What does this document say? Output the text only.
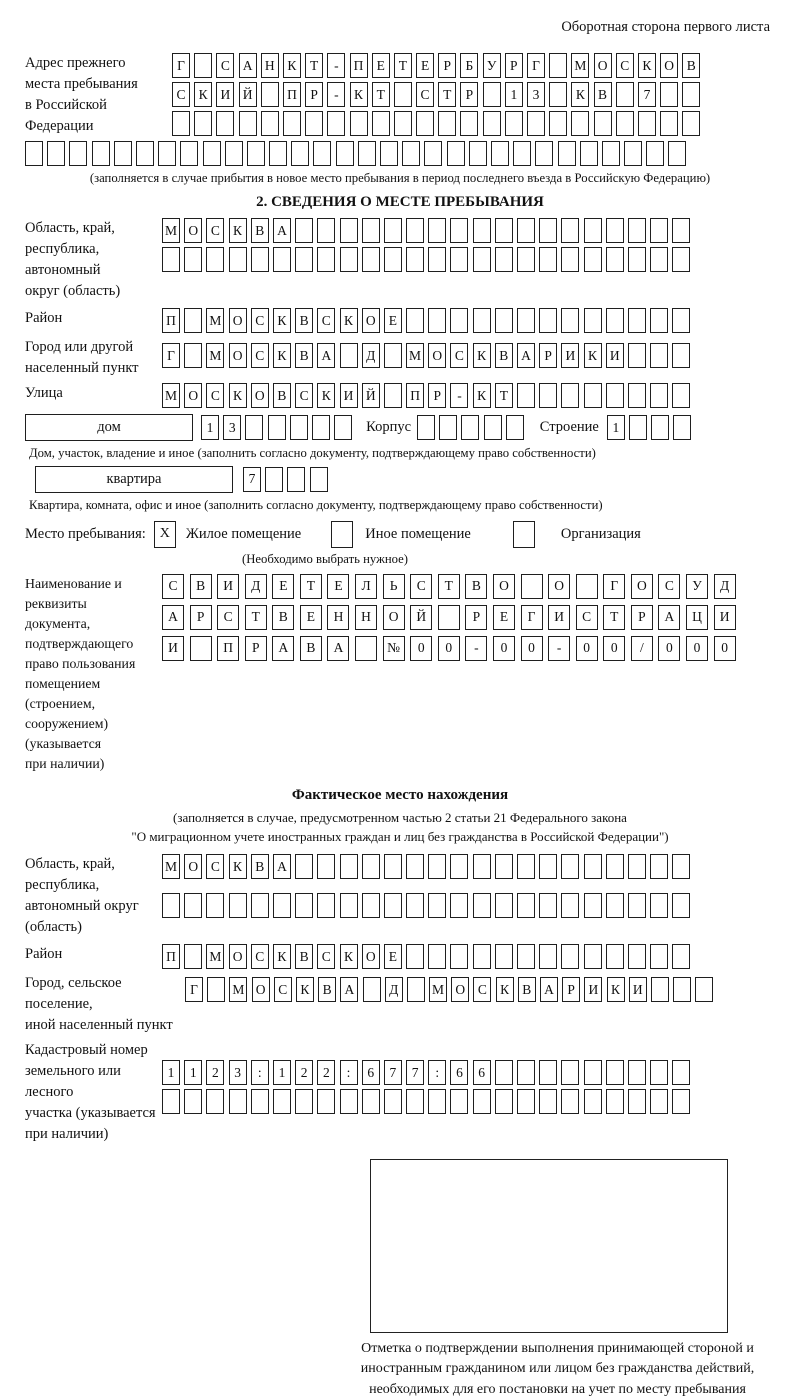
Оборотная сторона первого листа
Адрес прежнего
места пребывания
в Российской
Федерации
Г	С А Н К	Т	-	П Е	Т	Е	Р	Б	У	Р	Г	М О С К О В
С К И Й	П	Р	-	К	Т	С	Т	Р	1	3	К В	7
(заполняется в случае прибытия в новое место пребывания в период последнего въезда в Российскую Федерацию)
2. СВЕДЕНИЯ О МЕСТЕ ПРЕБЫВАНИЯ
Область, край,
республика,
автономный
округ (область)
М О С К В А
Район	П	М О С К В С К О Е
Город или другой
населенный пункт
Г	М О С К В А	Д	М О С К В А	Р	И К И
Улица	М О С К О В С К И Й	П	Р	-	К	Т
дом	1	3	Корпус	Строение	1
Дом, участок, владение и иное (заполнить согласно документу, подтверждающему право собственности)
квартира	7
Квартира, комната, офис и иное (заполнить согласно документу, подтверждающему право собственности)
Место пребывания: X	Жилое помещение	Иное помещение	Организация
(Необходимо выбрать нужное)
Наименование и реквизиты
документа, подтверждающего
право пользования
помещением (строением,
сооружением) (указывается
при наличии)
С	В	И	Д	Е	Т	Е	Л	Ь	С	Т	В	О	О	Г	О	С	У	Д
А	Р	С	Т	В	Е	Н	Н	О	Й	Р	Е	Г	И	С	Т	Р	А	Ц	И
И	П	Р	А	В	А	№	0	0	-	0	0	-	0	0	/	0	0	0
Фактическое место нахождения
(заполняется в случае, предусмотренном частью 2 статьи 21 Федерального закона
"О миграционном учете иностранных граждан и лиц без гражданства в Российской Федерации")
Область, край,
республика,
автономный округ
(область)
М О С К В А
Район	П	М О С К В С К О Е
Город, сельское поселение,
иной населенный пункт
Г	М О С К В А	Д	М О С К В А	Р	И К И
Кадастровый номер
земельного или лесного
участка (указывается
при наличии)
1	1	2	3	:	1	2	2	:	6	7	7	:	6	6
Отметка о подтверждении выполнения принимающей стороной и иностранным гражданином или лицом без гражданства действий, необходимых для его постановки на учет по месту пребывания
